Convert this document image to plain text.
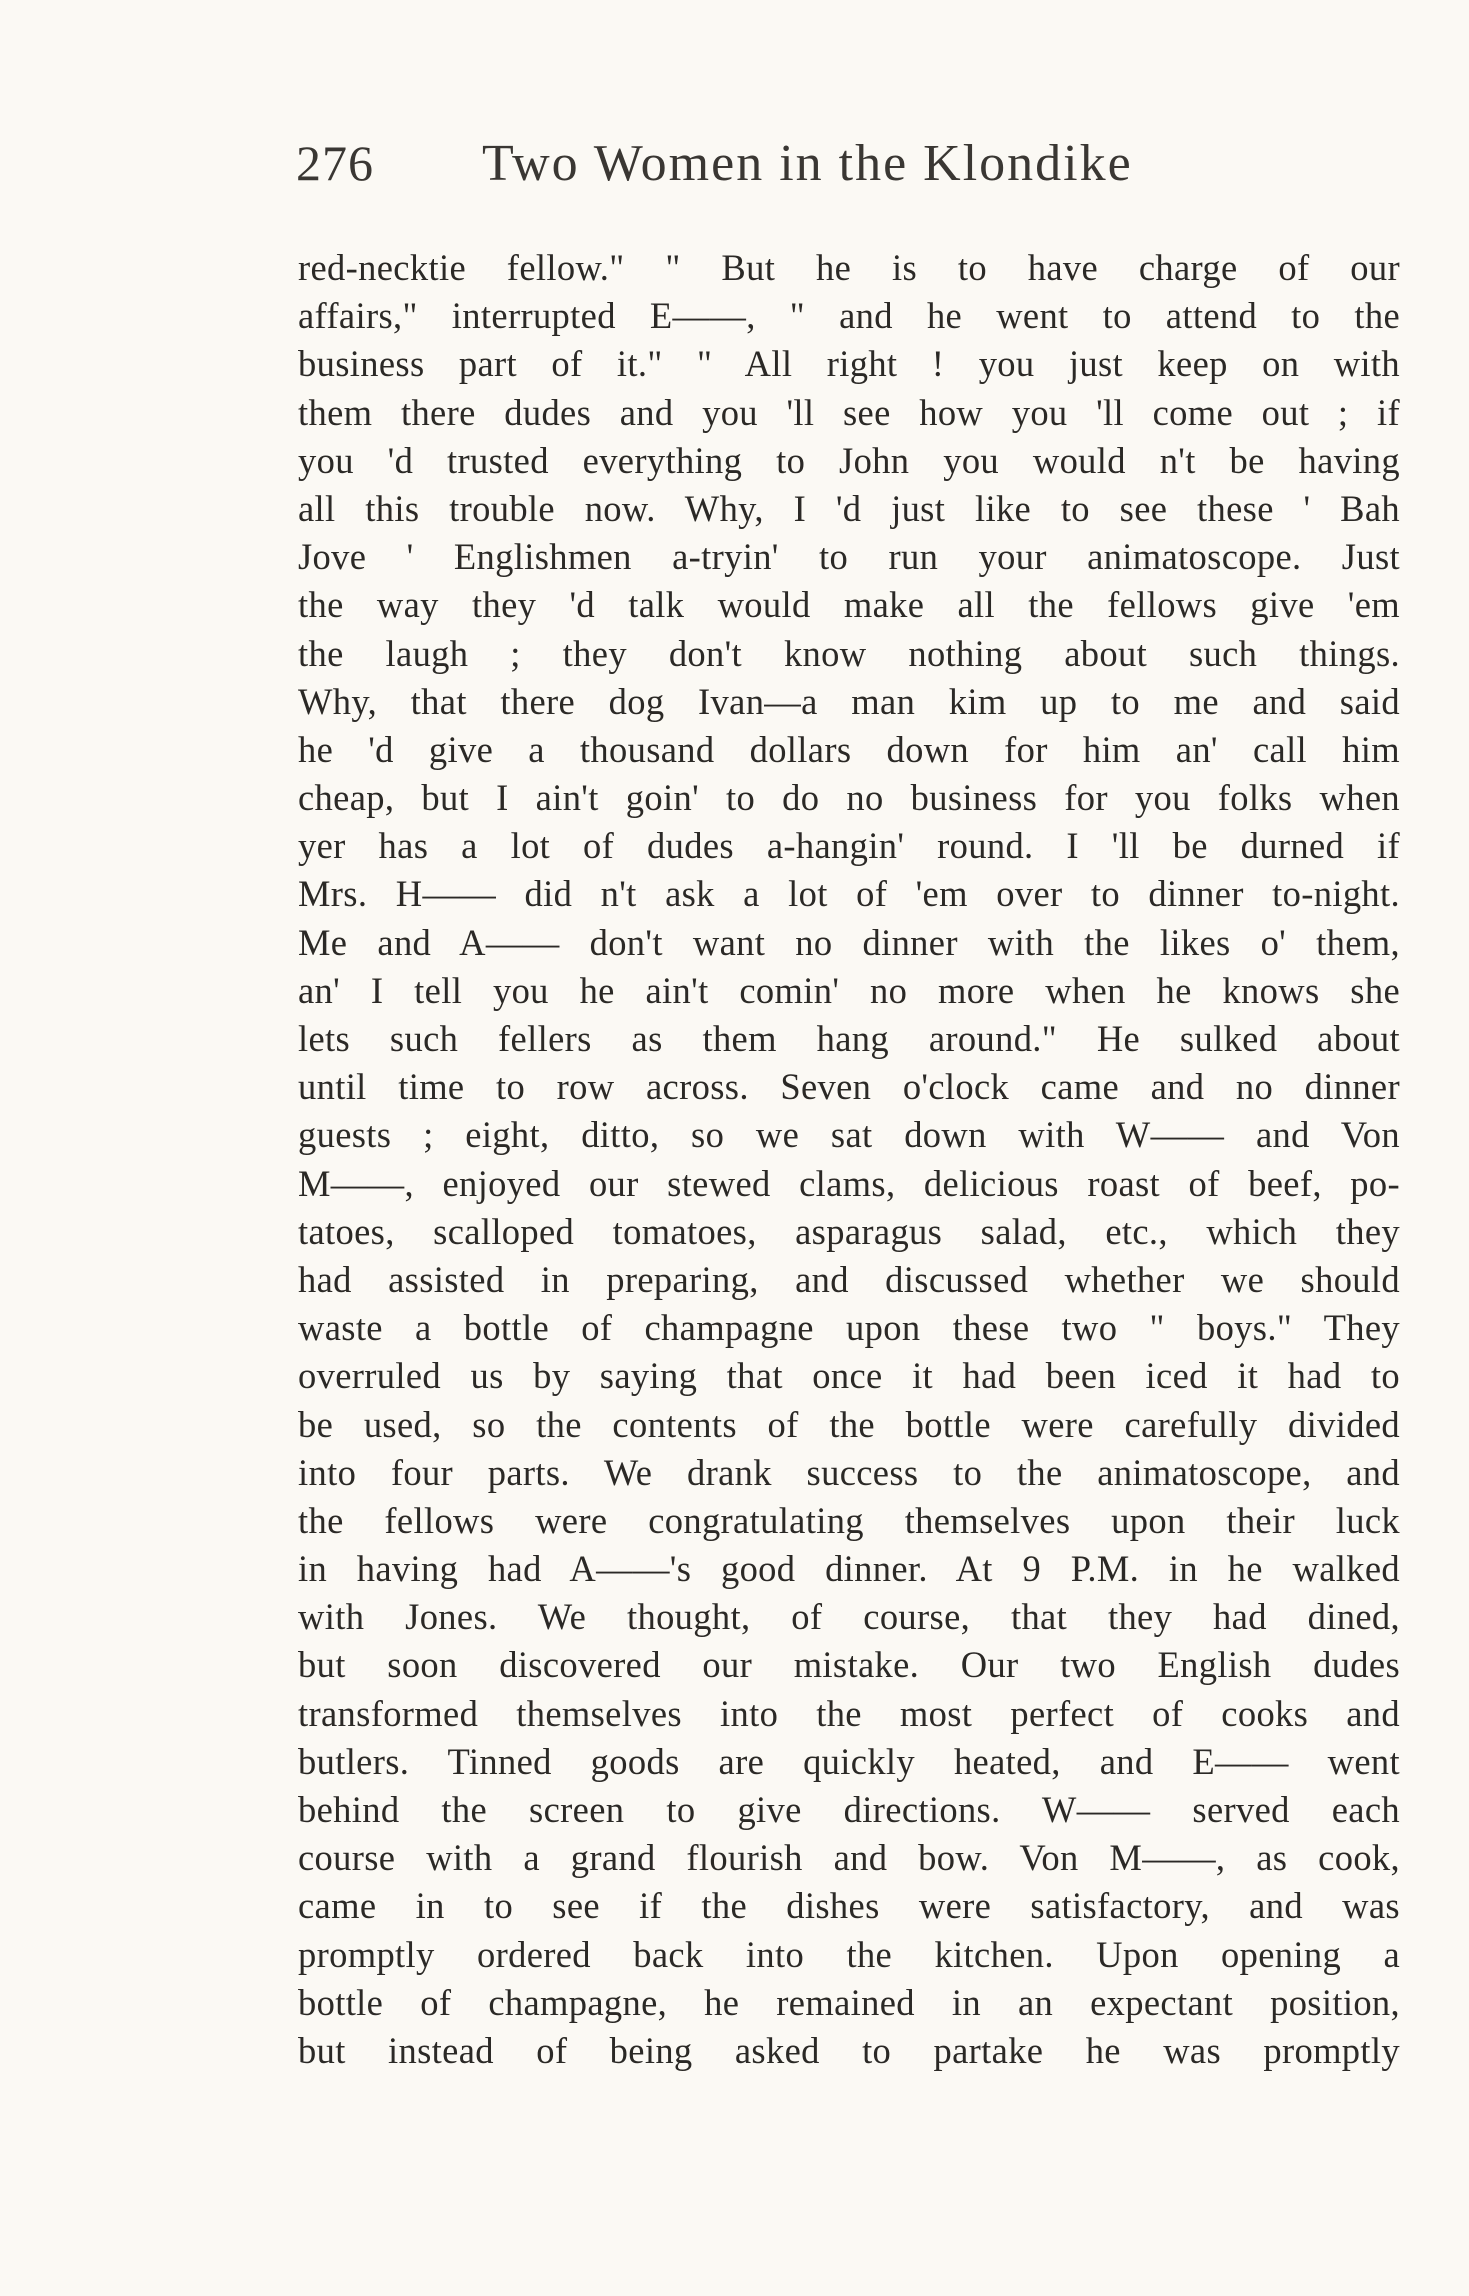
276 Two Women in the Klondike
red-necktie fellow." " But he is to have charge of our
affairs," interrupted E——, " and he went to attend to the
business part of it." " All right ! you just keep on with
them there dudes and you 'll see how you 'll come out ; if
you 'd trusted everything to John you would n't be having
all this trouble now. Why, I 'd just like to see these ' Bah
Jove ' Englishmen a-tryin' to run your animatoscope. Just
the way they 'd talk would make all the fellows give 'em
the laugh ; they don't know nothing about such things.
Why, that there dog Ivan—a man kim up to me and said
he 'd give a thousand dollars down for him an' call him
cheap, but I ain't goin' to do no business for you folks when
yer has a lot of dudes a-hangin' round. I 'll be durned if
Mrs. H—— did n't ask a lot of 'em over to dinner to-night.
Me and A—— don't want no dinner with the likes o' them,
an' I tell you he ain't comin' no more when he knows she
lets such fellers as them hang around." He sulked about
until time to row across. Seven o'clock came and no dinner
guests ; eight, ditto, so we sat down with W—— and Von
M——, enjoyed our stewed clams, delicious roast of beef, po-
tatoes, scalloped tomatoes, asparagus salad, etc., which they
had assisted in preparing, and discussed whether we should
waste a bottle of champagne upon these two " boys." They
overruled us by saying that once it had been iced it had to
be used, so the contents of the bottle were carefully divided
into four parts. We drank success to the animatoscope, and
the fellows were congratulating themselves upon their luck
in having had A——'s good dinner. At 9 P.M. in he walked
with Jones. We thought, of course, that they had dined,
but soon discovered our mistake. Our two English dudes
transformed themselves into the most perfect of cooks and
butlers. Tinned goods are quickly heated, and E—— went
behind the screen to give directions. W—— served each
course with a grand flourish and bow. Von M——, as cook,
came in to see if the dishes were satisfactory, and was
promptly ordered back into the kitchen. Upon opening a
bottle of champagne, he remained in an expectant position,
but instead of being asked to partake he was promptly
